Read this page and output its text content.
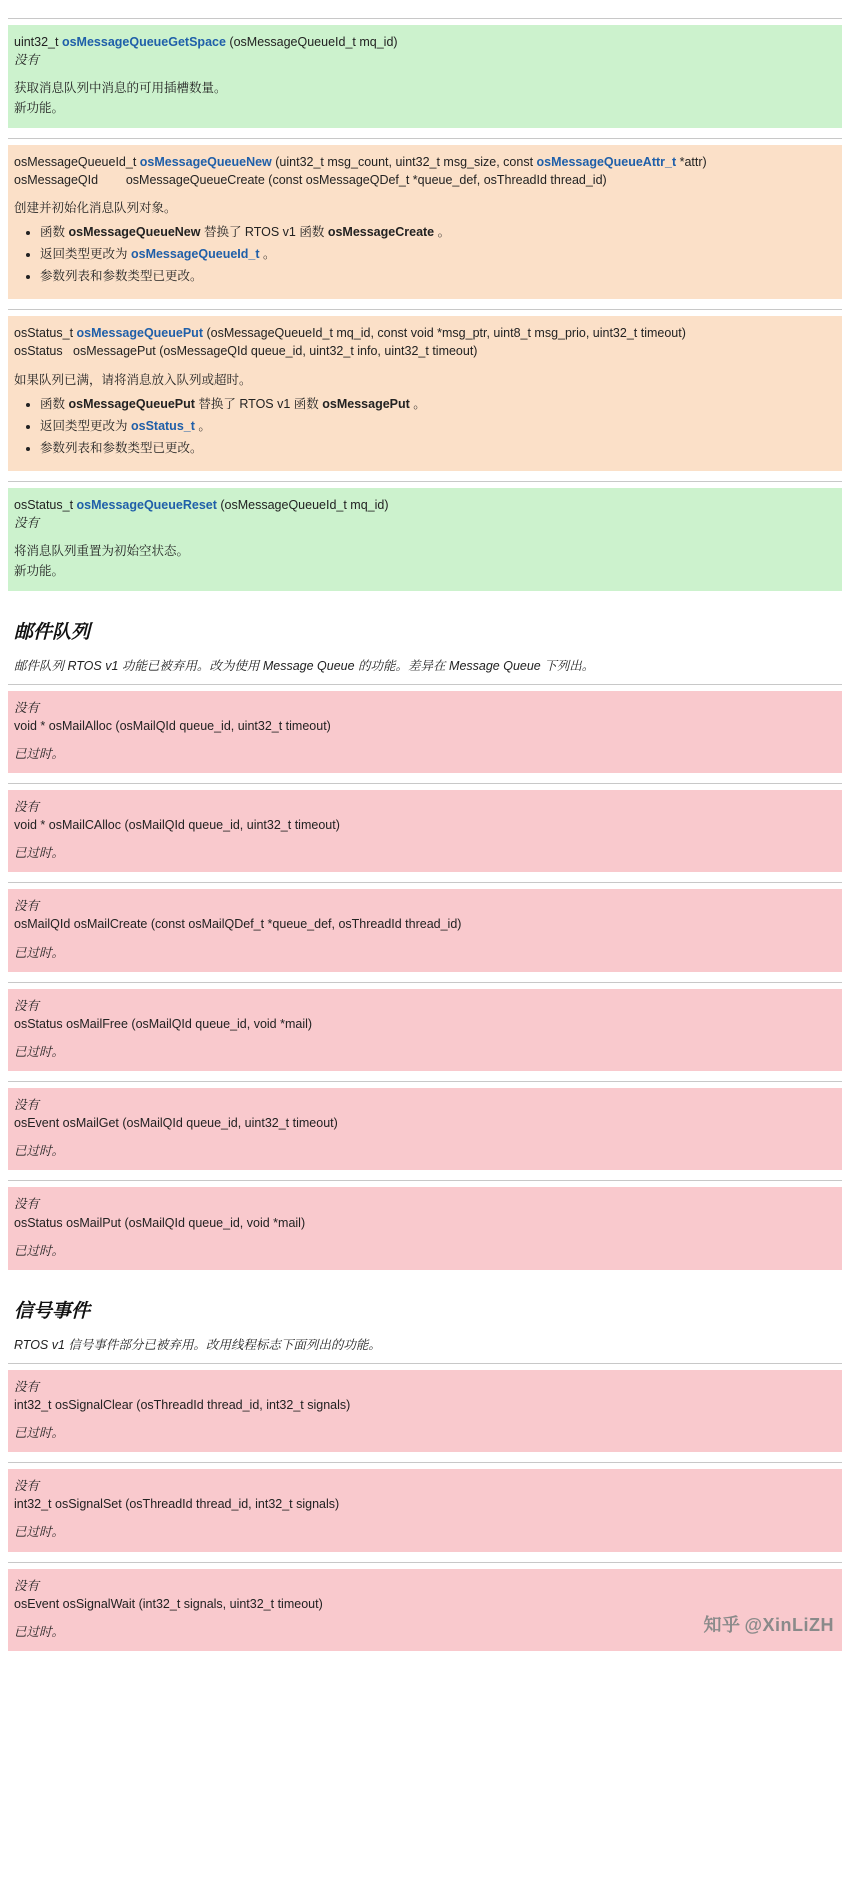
uint32_t osMessageQueueGetSpace (osMessageQueueId_t mq_id)
没有
获取消息队列中消息的可用插槽数量。
新功能。
osMessageQueueId_t osMessageQueueNew (uint32_t msg_count, uint32_t msg_size, const osMessageQueueAttr_t *attr)
osMessageQId        osMessageQueueCreate (const osMessageQDef_t *queue_def, osThreadId thread_id)
创建并初始化消息队列对象。
• 函数 osMessageQueueNew 替换了 RTOS v1 函数 osMessageCreate 。
• 返回类型更改为 osMessageQueueId_t 。
• 参数列表和参数类型已更改。
osStatus_t osMessageQueuePut (osMessageQueueId_t mq_id, const void *msg_ptr, uint8_t msg_prio, uint32_t timeout)
osStatus   osMessagePut (osMessageQId queue_id, uint32_t info, uint32_t timeout)
如果队列已满，请将消息放入队列或超时。
• 函数 osMessageQueuePut 替换了 RTOS v1 函数 osMessagePut 。
• 返回类型更改为 osStatus_t 。
• 参数列表和参数类型已更改。
osStatus_t osMessageQueueReset (osMessageQueueId_t mq_id)
没有
将消息队列重置为初始空状态。
新功能。
邮件队列

邮件队列 RTOS v1 功能已被弃用。改为使用 Message Queue 的功能。差异在 Message Queue 下列出。

没有
void * osMailAlloc (osMailQId queue_id, uint32_t timeout)
已过时。
没有
void * osMailCAlloc (osMailQId queue_id, uint32_t timeout)
已过时。
没有
osMailQId osMailCreate (const osMailQDef_t *queue_def, osThreadId thread_id)
已过时。
没有
osStatus osMailFree (osMailQId queue_id, void *mail)
已过时。
没有
osEvent osMailGet (osMailQId queue_id, uint32_t timeout)
已过时。
没有
osStatus osMailPut (osMailQId queue_id, void *mail)
已过时。
信号事件

RTOS v1 信号事件部分已被弃用。改用线程标志下面列出的功能。

没有
int32_t osSignalClear (osThreadId thread_id, int32_t signals)
已过时。
没有
int32_t osSignalSet (osThreadId thread_id, int32_t signals)
已过时。
没有
osEvent osSignalWait (int32_t signals, uint32_t timeout)
已过时。	知乎 @XinLiZH
